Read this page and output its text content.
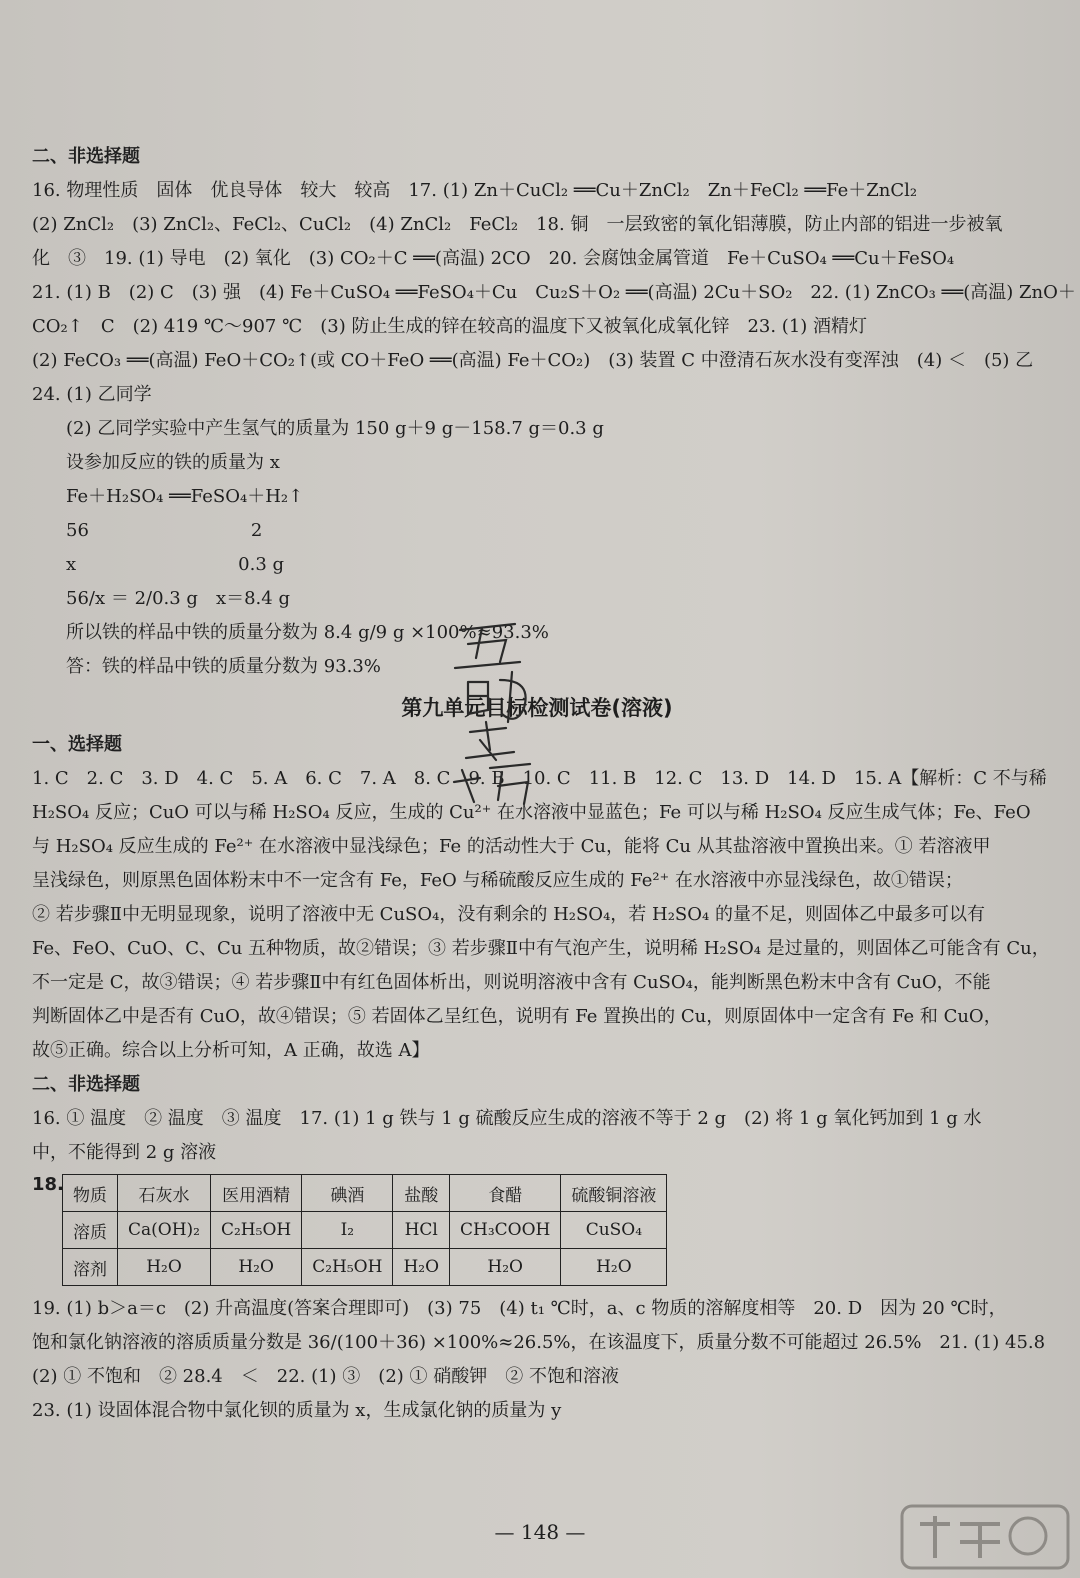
二、非选择题

16. 物理性质　固体　优良导体　较大　较高　17. (1) Zn＋CuCl₂ ══Cu＋ZnCl₂　Zn＋FeCl₂ ══Fe＋ZnCl₂

(2) ZnCl₂　(3) ZnCl₂、FeCl₂、CuCl₂　(4) ZnCl₂　FeCl₂　18. 铜　一层致密的氧化铝薄膜，防止内部的铝进一步被氧

化　③　19. (1) 导电　(2) 氧化　(3) CO₂＋C ══(高温) 2CO　20. 会腐蚀金属管道　Fe＋CuSO₄ ══Cu＋FeSO₄

21. (1) B　(2) C　(3) 强　(4) Fe＋CuSO₄ ══FeSO₄＋Cu　Cu₂S＋O₂ ══(高温) 2Cu＋SO₂　22. (1) ZnCO₃ ══(高温) ZnO＋

CO₂↑　C　(2) 419 ℃～907 ℃　(3) 防止生成的锌在较高的温度下又被氧化成氧化锌　23. (1) 酒精灯

(2) FeCO₃ ══(高温) FeO＋CO₂↑(或 CO＋FeO ══(高温) Fe＋CO₂)　(3) 装置 C 中澄清石灰水没有变浑浊　(4) ＜　(5) 乙

24. (1) 乙同学

(2) 乙同学实验中产生氢气的质量为 150 g＋9 g－158.7 g＝0.3 g

设参加反应的铁的质量为 x

Fe＋H₂SO₄ ══FeSO₄＋H₂↑

56　　　　　　　　　2

x　　　　　　　　　0.3 g

56/x ＝ 2/0.3 g　x＝8.4 g

所以铁的样品中铁的质量分数为 8.4 g/9 g ×100%≈93.3%

答：铁的样品中铁的质量分数为 93.3%

第九单元目标检测试卷(溶液)

一、选择题

1. C　2. C　3. D　4. C　5. A　6. C　7. A　8. C　9. B　10. C　11. B　12. C　13. D　14. D　15. A【解析：C 不与稀

H₂SO₄ 反应；CuO 可以与稀 H₂SO₄ 反应，生成的 Cu²⁺ 在水溶液中显蓝色；Fe 可以与稀 H₂SO₄ 反应生成气体；Fe、FeO

与 H₂SO₄ 反应生成的 Fe²⁺ 在水溶液中显浅绿色；Fe 的活动性大于 Cu，能将 Cu 从其盐溶液中置换出来。① 若溶液甲

呈浅绿色，则原黑色固体粉末中不一定含有 Fe，FeO 与稀硫酸反应生成的 Fe²⁺ 在水溶液中亦显浅绿色，故①错误；

② 若步骤Ⅱ中无明显现象，说明了溶液中无 CuSO₄，没有剩余的 H₂SO₄，若 H₂SO₄ 的量不足，则固体乙中最多可以有

Fe、FeO、CuO、C、Cu 五种物质，故②错误；③ 若步骤Ⅱ中有气泡产生，说明稀 H₂SO₄ 是过量的，则固体乙可能含有 Cu，

不一定是 C，故③错误；④ 若步骤Ⅱ中有红色固体析出，则说明溶液中含有 CuSO₄，能判断黑色粉末中含有 CuO，不能

判断固体乙中是否有 CuO，故④错误；⑤ 若固体乙呈红色，说明有 Fe 置换出的 Cu，则原固体中一定含有 Fe 和 CuO，

故⑤正确。综合以上分析可知，A 正确，故选 A】

二、非选择题

16. ① 温度　② 温度　③ 温度　17. (1) 1 g 铁与 1 g 硫酸反应生成的溶液不等于 2 g　(2) 将 1 g 氧化钙加到 1 g 水

中，不能得到 2 g 溶液

18.
物质	石灰水	医用酒精	碘酒	盐酸	食醋	硫酸铜溶液
溶质	Ca(OH)₂	C₂H₅OH	I₂	HCl	CH₃COOH	CuSO₄
溶剂	H₂O	H₂O	C₂H₅OH	H₂O	H₂O	H₂O

19. (1) b＞a＝c　(2) 升高温度(答案合理即可)　(3) 75　(4) t₁ ℃时，a、c 物质的溶解度相等　20. D　因为 20 ℃时，

饱和氯化钠溶液的溶质质量分数是 36/(100＋36) ×100%≈26.5%，在该温度下，质量分数不可能超过 26.5%　21. (1) 45.8

(2) ① 不饱和　② 28.4　＜　22. (1) ③　(2) ① 硝酸钾　② 不饱和溶液

23. (1) 设固体混合物中氯化钡的质量为 x，生成氯化钠的质量为 y

— 148 —
